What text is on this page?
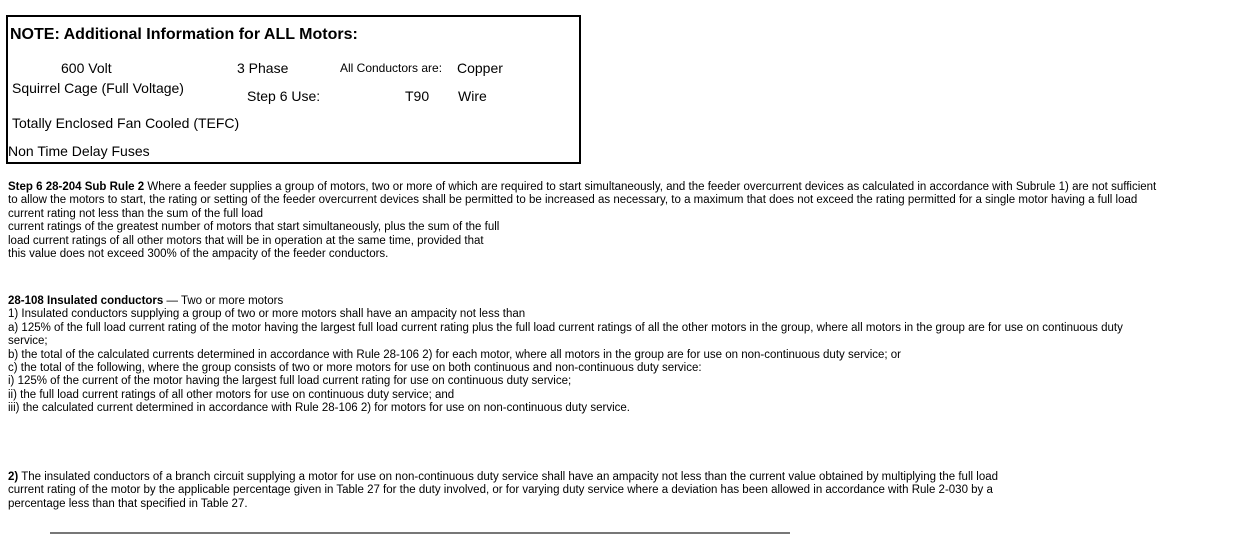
NOTE: Additional Information for ALL Motors:
600 Volt	3 Phase	All Conductors are: Copper
Squirrel Cage (Full Voltage)	Step 6 Use:	T90 Wire
Totally Enclosed Fan Cooled (TEFC)
Non Time Delay Fuses
Step 6 28-204 Sub Rule 2 Where a feeder supplies a group of motors, two or more of which are required to start simultaneously, and the feeder overcurrent devices as calculated in accordance with Subrule 1) are not sufficient
to allow the motors to start, the rating or setting of the feeder overcurrent devices shall be permitted to be increased as necessary, to a maximum that does not exceed the rating permitted for a single motor having a full load
current rating not less than the sum of the full load
current ratings of the greatest number of motors that start simultaneously, plus the sum of the full
load current ratings of all other motors that will be in operation at the same time, provided that
this value does not exceed 300% of the ampacity of the feeder conductors.
28-108 Insulated conductors — Two or more motors
1) Insulated conductors supplying a group of two or more motors shall have an ampacity not less than
a) 125% of the full load current rating of the motor having the largest full load current rating plus the full load current ratings of all the other motors in the group, where all motors in the group are for use on continuous duty
service;
b) the total of the calculated currents determined in accordance with Rule 28-106 2) for each motor, where all motors in the group are for use on non-continuous duty service; or
c) the total of the following, where the group consists of two or more motors for use on both continuous and non-continuous duty service:
i) 125% of the current of the motor having the largest full load current rating for use on continuous duty service;
ii) the full load current ratings of all other motors for use on continuous duty service; and
iii) the calculated current determined in accordance with Rule 28-106 2) for motors for use on non-continuous duty service.
2) The insulated conductors of a branch circuit supplying a motor for use on non-continuous duty service shall have an ampacity not less than the current value obtained by multiplying the full load
current rating of the motor by the applicable percentage given in Table 27 for the duty involved, or for varying duty service where a deviation has been allowed in accordance with Rule 2-030 by a
percentage less than that specified in Table 27.
